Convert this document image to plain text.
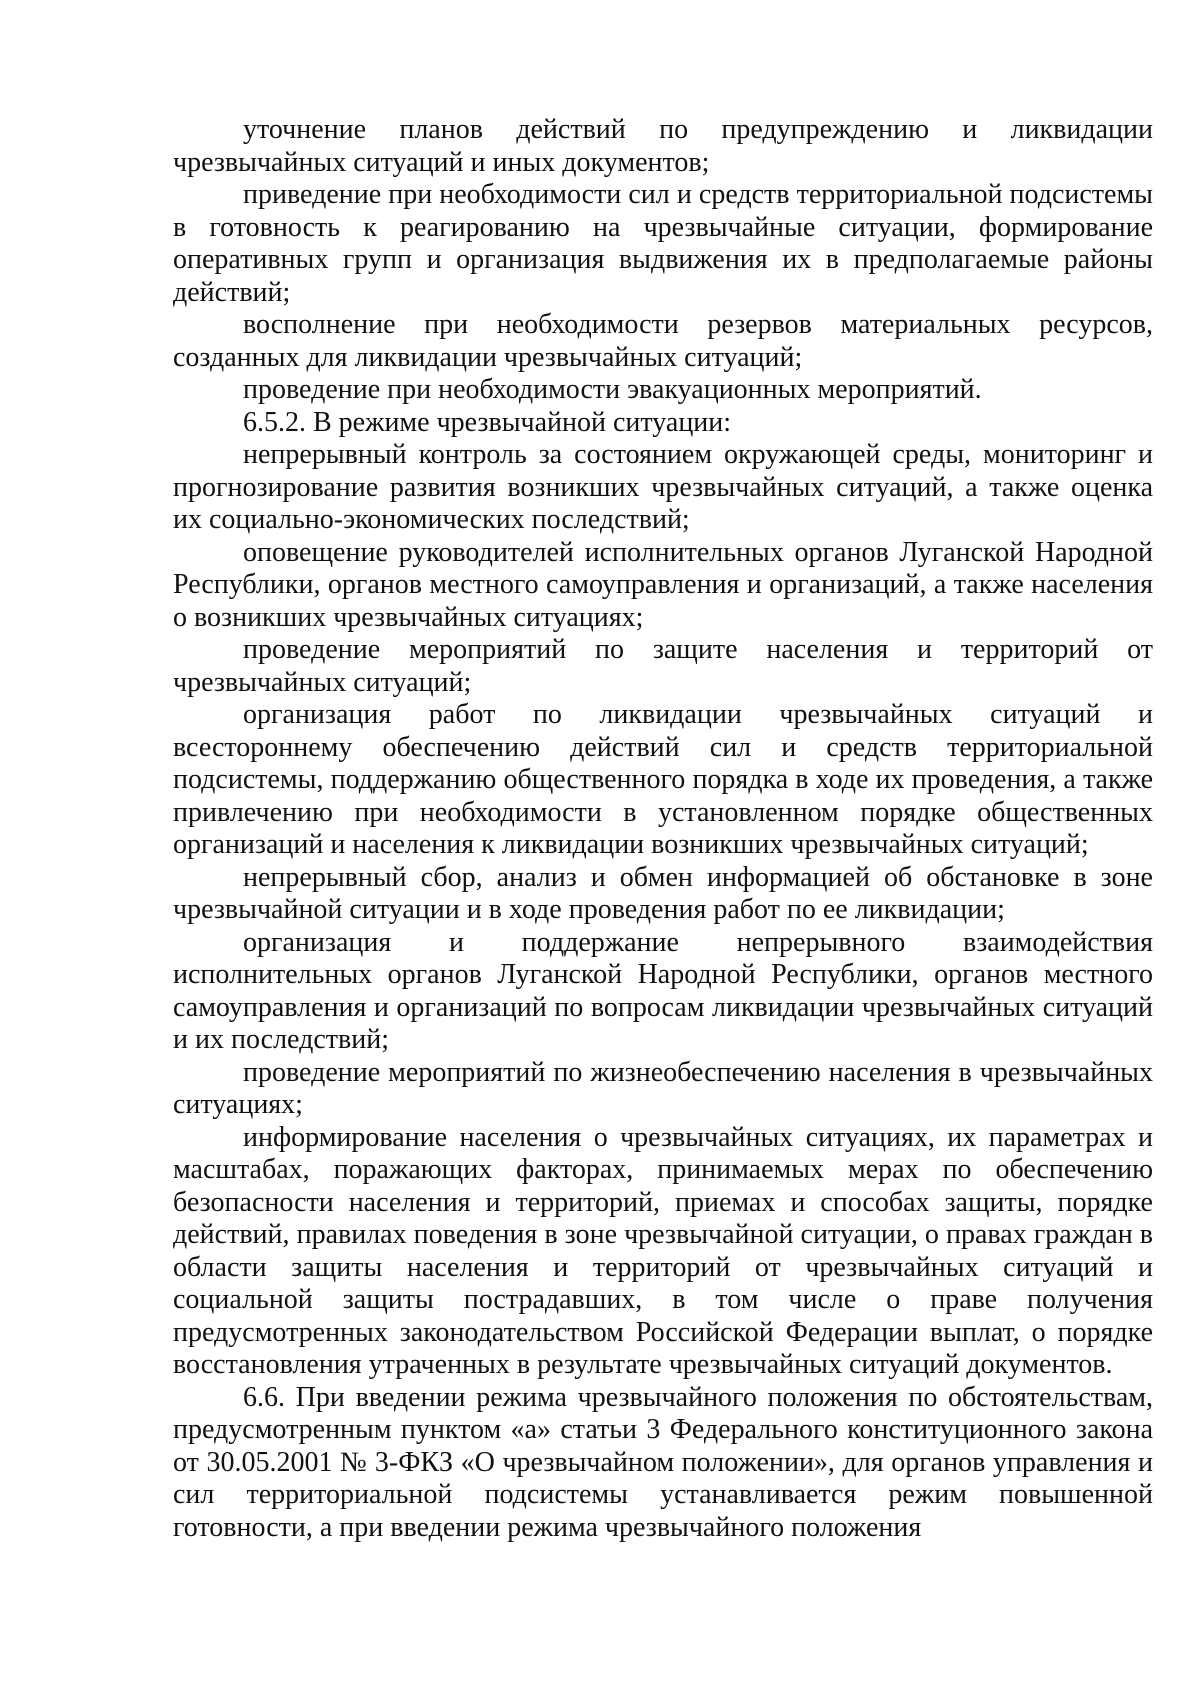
уточнение планов действий по предупреждению и ликвидации чрезвычайных ситуаций и иных документов;

приведение при необходимости сил и средств территориальной подсистемы в готовность к реагированию на чрезвычайные ситуации, формирование оперативных групп и организация выдвижения их в предполагаемые районы действий;

восполнение при необходимости резервов материальных ресурсов, созданных для ликвидации чрезвычайных ситуаций;

проведение при необходимости эвакуационных мероприятий.

6.5.2. В режиме чрезвычайной ситуации:

непрерывный контроль за состоянием окружающей среды, мониторинг и прогнозирование развития возникших чрезвычайных ситуаций, а также оценка их социально-экономических последствий;

оповещение руководителей исполнительных органов Луганской Народной Республики, органов местного самоуправления и организаций, а также населения о возникших чрезвычайных ситуациях;

проведение мероприятий по защите населения и территорий от чрезвычайных ситуаций;

организация работ по ликвидации чрезвычайных ситуаций и всестороннему обеспечению действий сил и средств территориальной подсистемы, поддержанию общественного порядка в ходе их проведения, а также привлечению при необходимости в установленном порядке общественных организаций и населения к ликвидации возникших чрезвычайных ситуаций;

непрерывный сбор, анализ и обмен информацией об обстановке в зоне чрезвычайной ситуации и в ходе проведения работ по ее ликвидации;

организация и поддержание непрерывного взаимодействия исполнительных органов Луганской Народной Республики, органов местного самоуправления и организаций по вопросам ликвидации чрезвычайных ситуаций и их последствий;

проведение мероприятий по жизнеобеспечению населения в чрезвычайных ситуациях;

информирование населения о чрезвычайных ситуациях, их параметрах и масштабах, поражающих факторах, принимаемых мерах по обеспечению безопасности населения и территорий, приемах и способах защиты, порядке действий, правилах поведения в зоне чрезвычайной ситуации, о правах граждан в области защиты населения и территорий от чрезвычайных ситуаций и социальной защиты пострадавших, в том числе о праве получения предусмотренных законодательством Российской Федерации выплат, о порядке восстановления утраченных в результате чрезвычайных ситуаций документов.

6.6. При введении режима чрезвычайного положения по обстоятельствам, предусмотренным пунктом «а» статьи 3 Федерального конституционного закона от 30.05.2001 № 3-ФКЗ «О чрезвычайном положении», для органов управления и сил территориальной подсистемы устанавливается режим повышенной готовности, а при введении режима чрезвычайного положения
